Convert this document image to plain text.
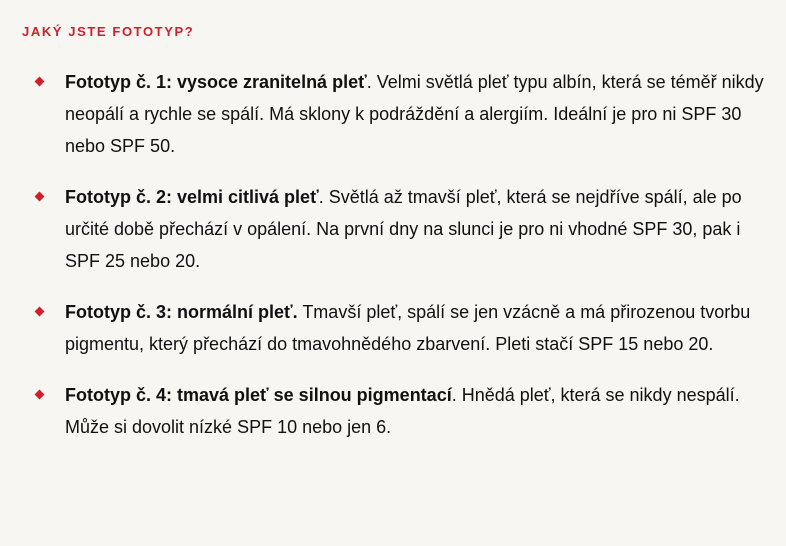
JAKÝ JSTE FOTOTYP?
Fototyp č. 1: vysoce zranitelná pleť. Velmi světlá pleť typu albín, která se téměř nikdy neopálí a rychle se spálí. Má sklony k podráždění a alergiím. Ideální je pro ni SPF 30 nebo SPF 50.
Fototyp č. 2: velmi citlivá pleť. Světlá až tmavší pleť, která se nejdříve spálí, ale po určité době přechází v opálení. Na první dny na slunci je pro ni vhodné SPF 30, pak i SPF 25 nebo 20.
Fototyp č. 3: normální pleť. Tmavší pleť, spálí se jen vzácně a má přirozenou tvorbu pigmentu, který přechází do tmavohnědého zbarvení. Pleti stačí SPF 15 nebo 20.
Fototyp č. 4: tmavá pleť se silnou pigmentací. Hnědá pleť, která se nikdy nespálí. Může si dovolit nízké SPF 10 nebo jen 6.
